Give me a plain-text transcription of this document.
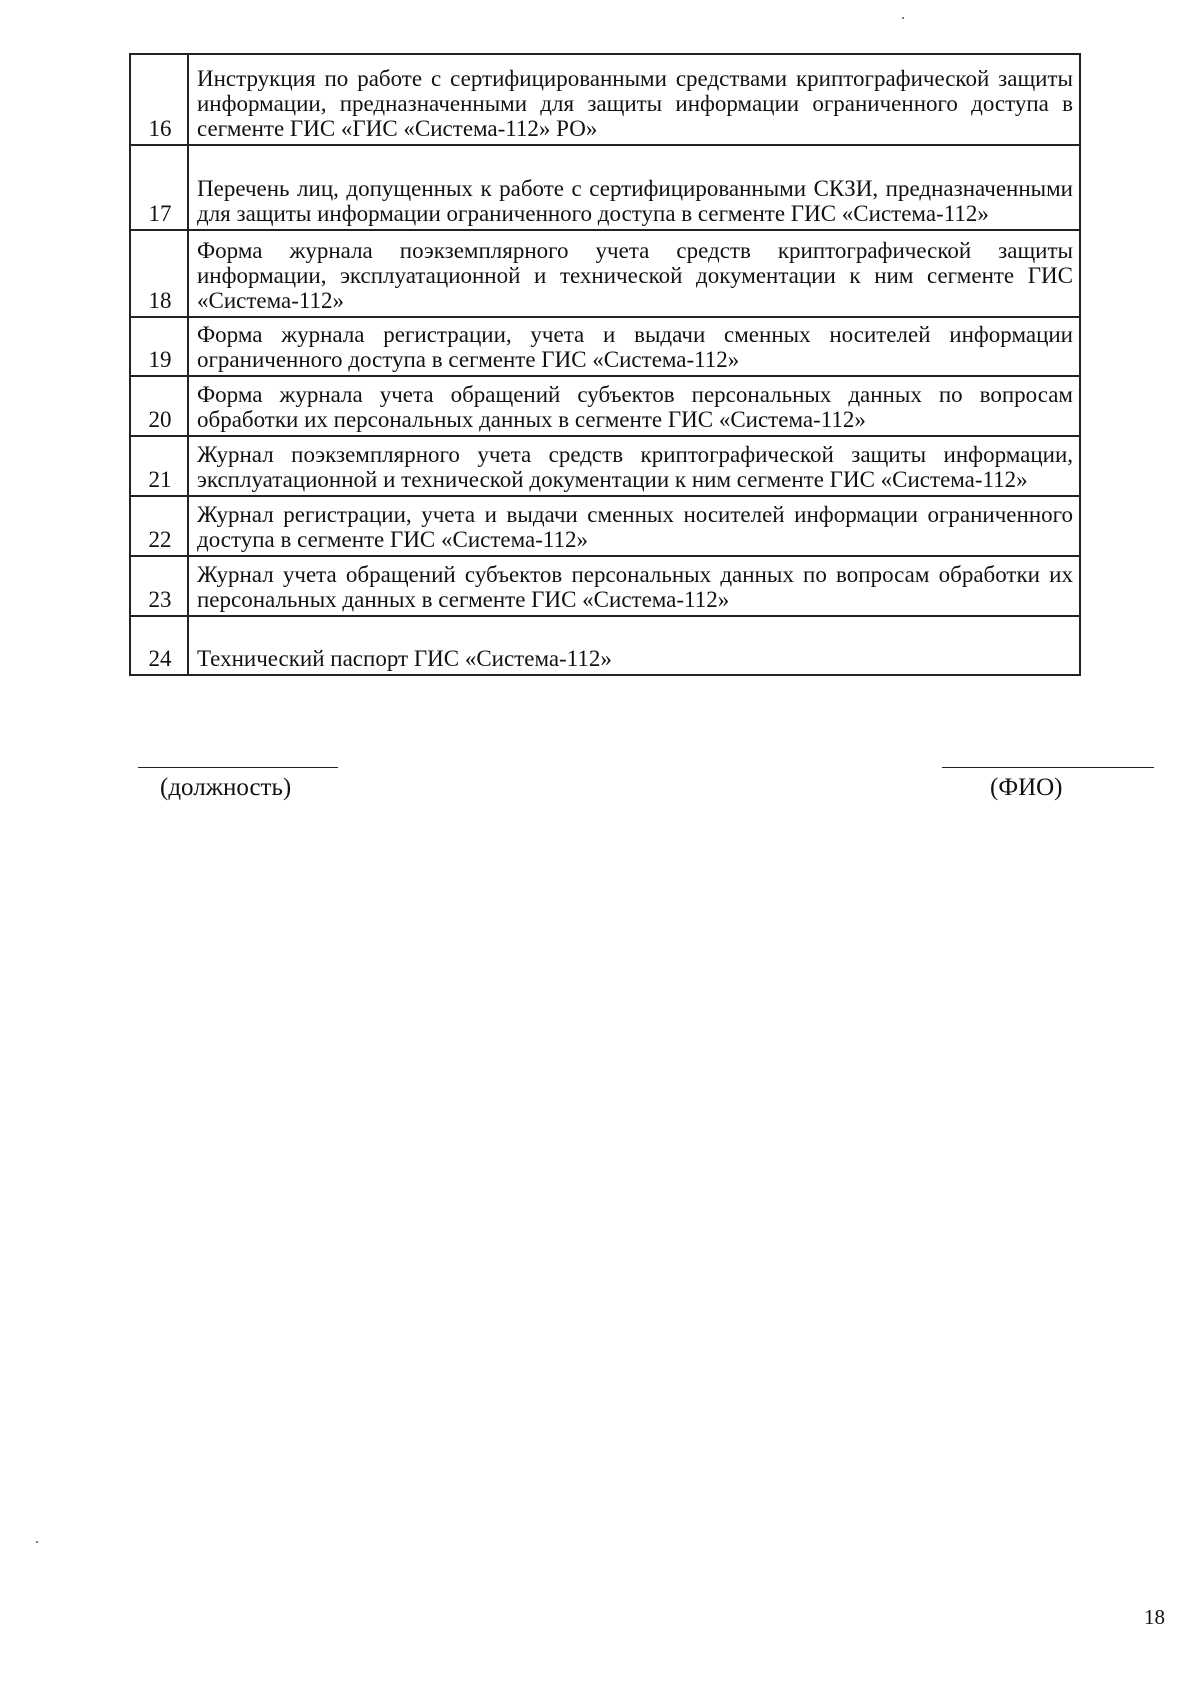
16	Инструкция по работе с сертифицированными средствами криптографической защиты информации, предназначенными для защиты информации ограниченного доступа в сегменте ГИС «ГИС «Система-112» РО»
17	Перечень лиц, допущенных к работе с сертифицированными СКЗИ, предназначенными для защиты информации ограниченного доступа в сегменте ГИС «Система-112»
18	Форма журнала поэкземплярного учета средств криптографической защиты информации, эксплуатационной и технической документации к ним сегменте ГИС «Система-112»
19	Форма журнала регистрации, учета и выдачи сменных носителей информации ограниченного доступа в сегменте ГИС «Система-112»
20	Форма журнала учета обращений субъектов персональных данных по вопросам обработки их персональных данных в сегменте ГИС «Система-112»
21	Журнал поэкземплярного учета средств криптографической защиты информации, эксплуатационной и технической документации к ним сегменте ГИС «Система-112»
22	Журнал регистрации, учета и выдачи сменных носителей информации ограниченного доступа в сегменте ГИС «Система-112»
23	Журнал учета обращений субъектов персональных данных по вопросам обработки их персональных данных в сегменте ГИС «Система-112»
24	Технический паспорт ГИС «Система-112»
(должность)	(ФИО)
18
